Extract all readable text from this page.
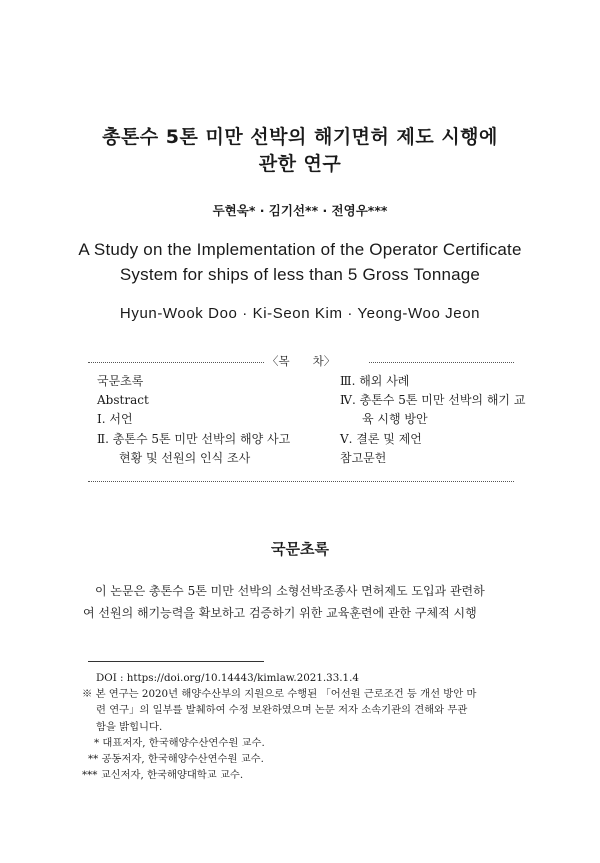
총톤수 5톤 미만 선박의 해기면허 제도 시행에
관한 연구
두현욱* · 김기선** · 전영우***
A Study on the Implementation of the Operator Certificate
System for ships of less than 5 Gross Tonnage
Hyun-Wook Doo · Ki-Seon Kim · Yeong-Woo Jeon
〈목　　차〉
국문초록
Abstract
Ⅰ. 서언
Ⅱ. 총톤수 5톤 미만 선박의 해양 사고
현황 및 선원의 인식 조사
Ⅲ. 해외 사례
Ⅳ. 총톤수 5톤 미만 선박의 해기 교
육 시행 방안
Ⅴ. 결론 및 제언
참고문헌
국문초록
이 논문은 총톤수 5톤 미만 선박의 소형선박조종사 면허제도 도입과 관련하
여 선원의 해기능력을 확보하고 검증하기 위한 교육훈련에 관한 구체적 시행
DOI : https://doi.org/10.14443/kimlaw.2021.33.1.4
※ 본 연구는 2020년 해양수산부의 지원으로 수행된 「어선원 근로조건 등 개선 방안 마
련 연구」의 일부를 발췌하여 수정 보완하였으며 논문 저자 소속기관의 견해와 무관
함을 밝힙니다.
* 대표저자, 한국해양수산연수원 교수.
** 공동저자, 한국해양수산연수원 교수.
*** 교신저자, 한국해양대학교 교수.
